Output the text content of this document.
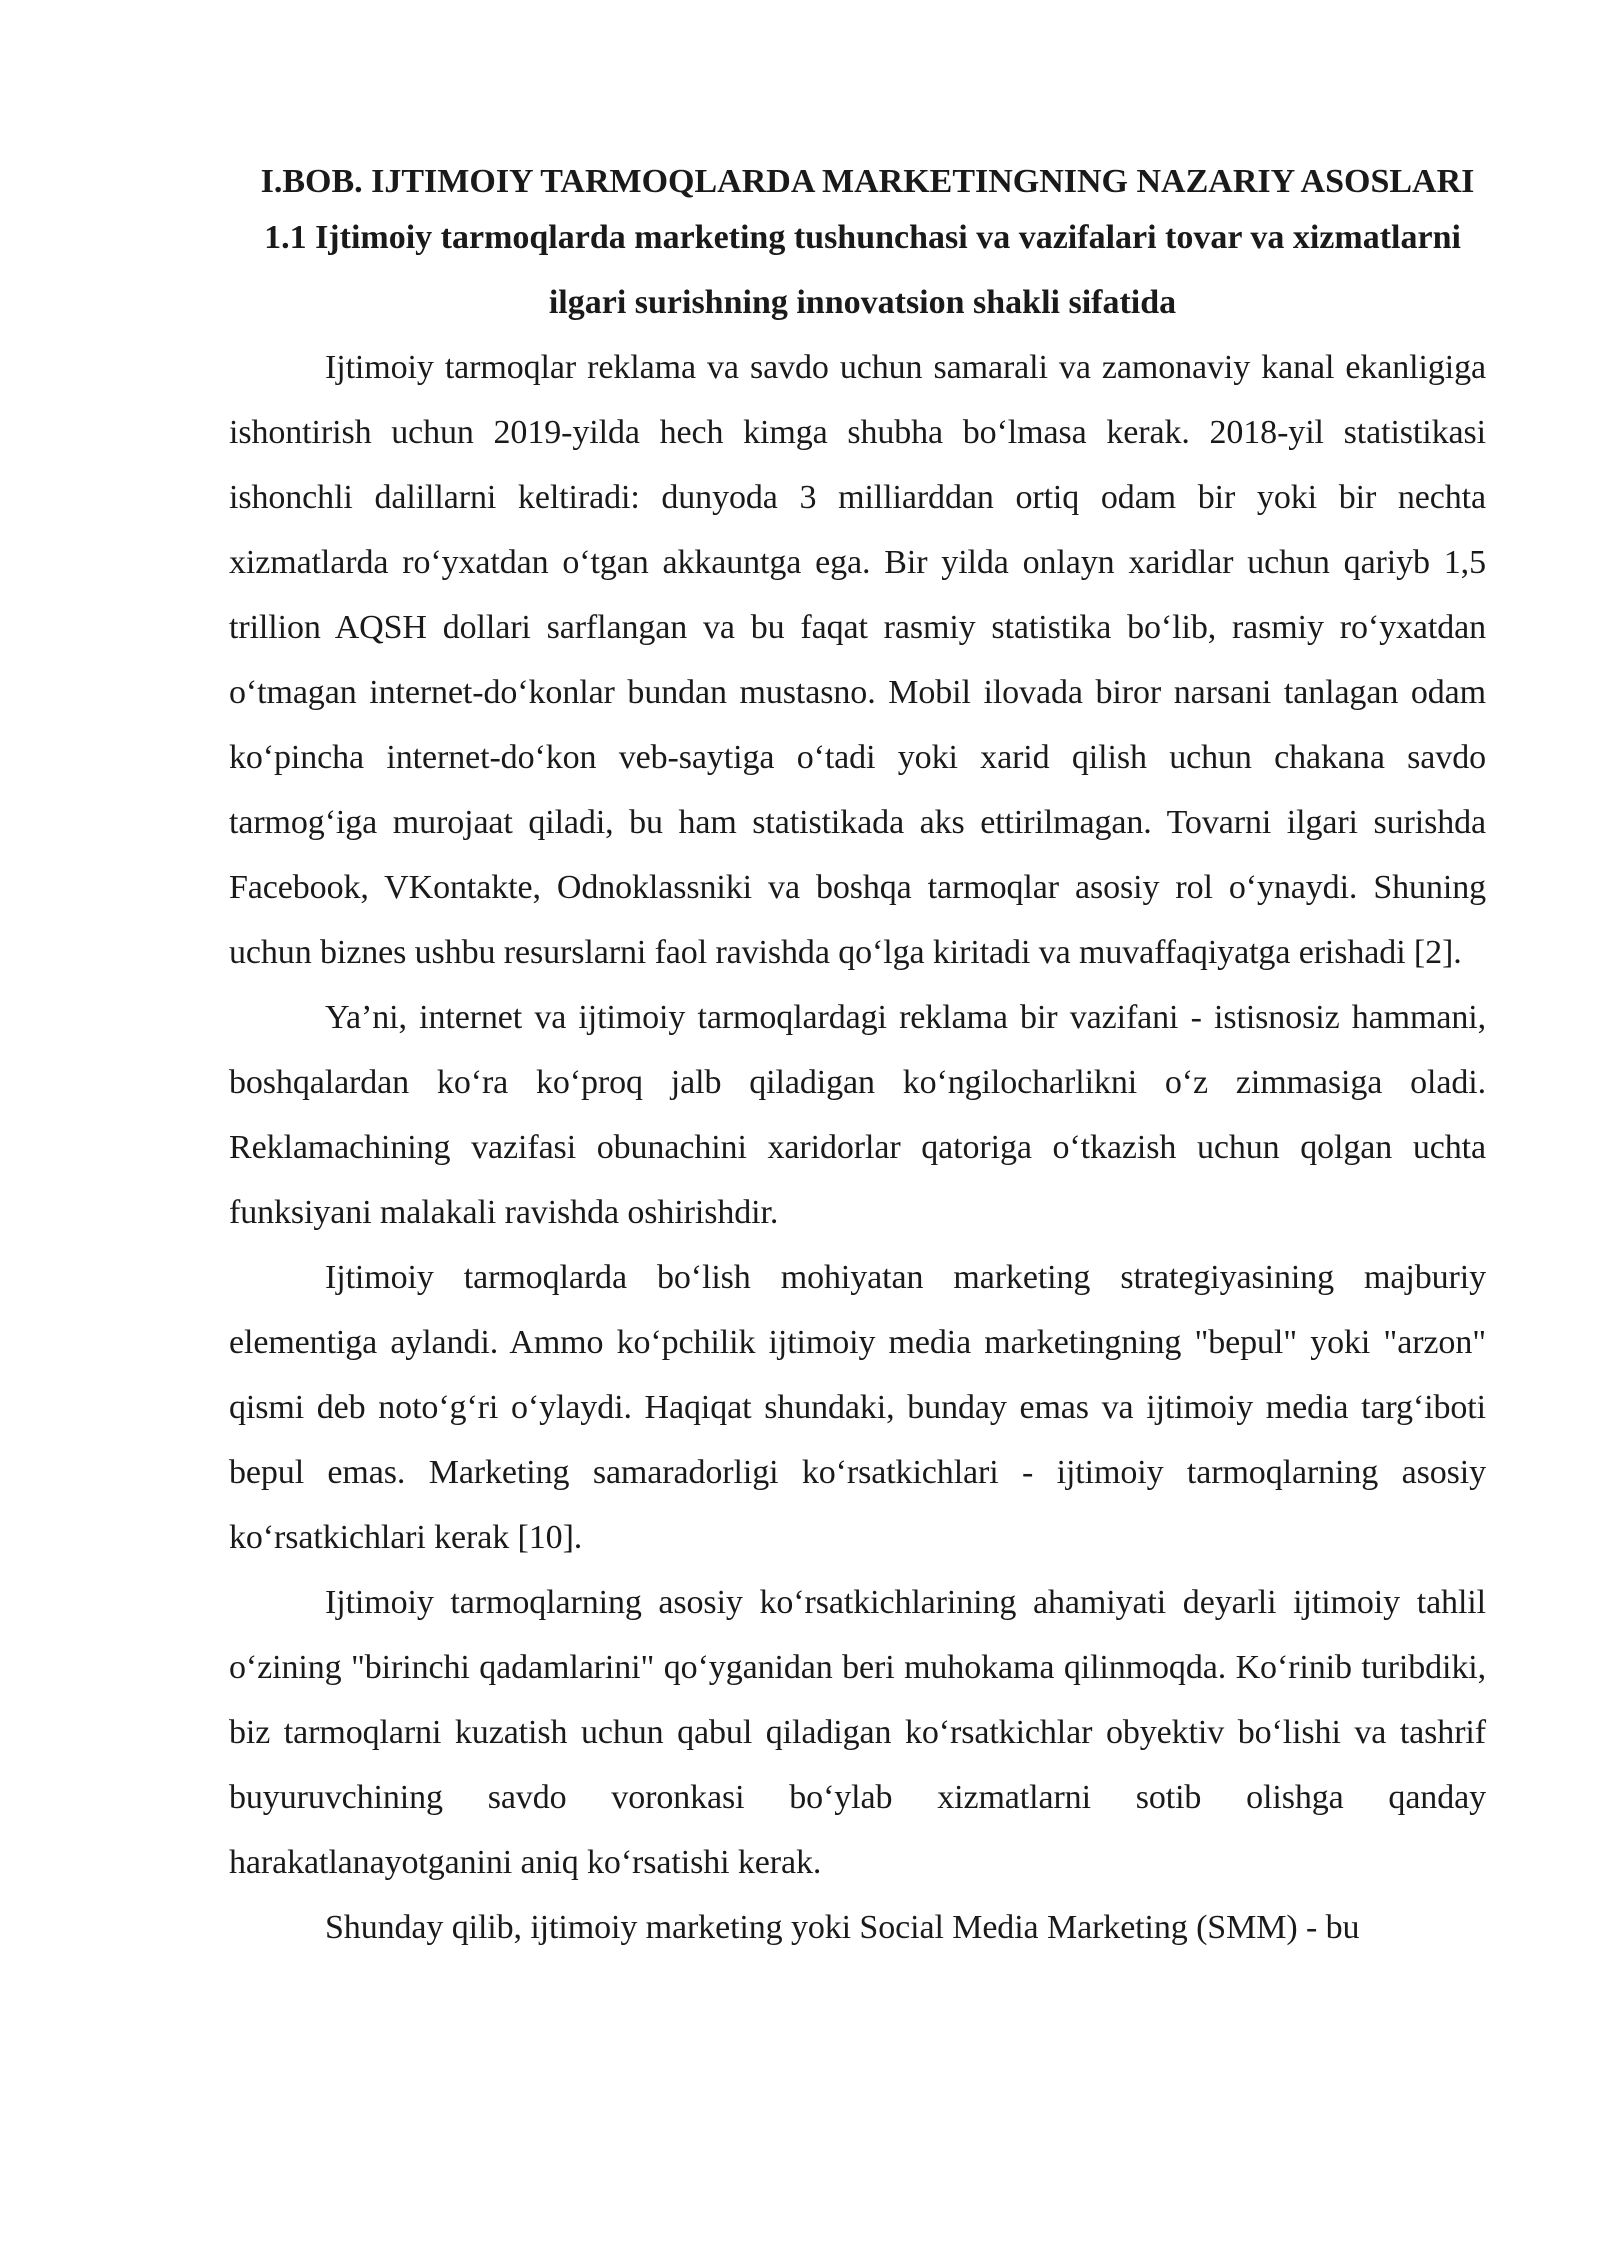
I.BOB. IJTIMOIY TARMOQLARDA MARKETINGNING NAZARIY ASOSLARI
1.1 Ijtimoiy tarmoqlarda marketing tushunchasi va vazifalari tovar va xizmatlarni ilgari surishning innovatsion shakli sifatida

Ijtimoiy tarmoqlar reklama va savdo uchun samarali va zamonaviy kanal ekanligiga ishontirish uchun 2019-yilda hech kimga shubha boʻlmasa kerak. 2018-yil statistikasi ishonchli dalillarni keltiradi: dunyoda 3 milliarddan ortiq odam bir yoki bir nechta xizmatlarda roʻyxatdan oʻtgan akkauntga ega. Bir yilda onlayn xaridlar uchun qariyb 1,5 trillion AQSH dollari sarflangan va bu faqat rasmiy statistika boʻlib, rasmiy roʻyxatdan oʻtmagan internet-doʻkonlar bundan mustasno. Mobil ilovada biror narsani tanlagan odam koʻpincha internet-doʻkon veb-saytiga oʻtadi yoki xarid qilish uchun chakana savdo tarmogʻiga murojaat qiladi, bu ham statistikada aks ettirilmagan. Tovarni ilgari surishda Facebook, VKontakte, Odnoklassniki va boshqa tarmoqlar asosiy rol oʻynaydi. Shuning uchun biznes ushbu resurslarni faol ravishda qoʻlga kiritadi va muvaffaqiyatga erishadi [2].

Ya’ni, internet va ijtimoiy tarmoqlardagi reklama bir vazifani - istisnosiz hammani, boshqalardan koʻra koʻproq jalb qiladigan koʻngilocharlikni oʻz zimmasiga oladi. Reklamachining vazifasi obunachini xaridorlar qatoriga oʻtkazish uchun qolgan uchta funksiyani malakali ravishda oshirishdir.

Ijtimoiy tarmoqlarda boʻlish mohiyatan marketing strategiyasining majburiy elementiga aylandi. Ammo koʻpchilik ijtimoiy media marketingning "bepul" yoki "arzon" qismi deb notoʻgʻri oʻylaydi. Haqiqat shundaki, bunday emas va ijtimoiy media targʻiboti bepul emas. Marketing samaradorligi koʻrsatkichlari - ijtimoiy tarmoqlarning asosiy koʻrsatkichlari kerak [10].

Ijtimoiy tarmoqlarning asosiy koʻrsatkichlarining ahamiyati deyarli ijtimoiy tahlil oʻzining "birinchi qadamlarini" qoʻyganidan beri muhokama qilinmoqda. Koʻrinib turibdiki, biz tarmoqlarni kuzatish uchun qabul qiladigan koʻrsatkichlar obyektiv boʻlishi va tashrif buyuruvchining savdo voronkasi boʻylab xizmatlarni sotib olishga qanday harakatlanayotganini aniq koʻrsatishi kerak.

Shunday qilib, ijtimoiy marketing yoki Social Media Marketing (SMM) - bu
